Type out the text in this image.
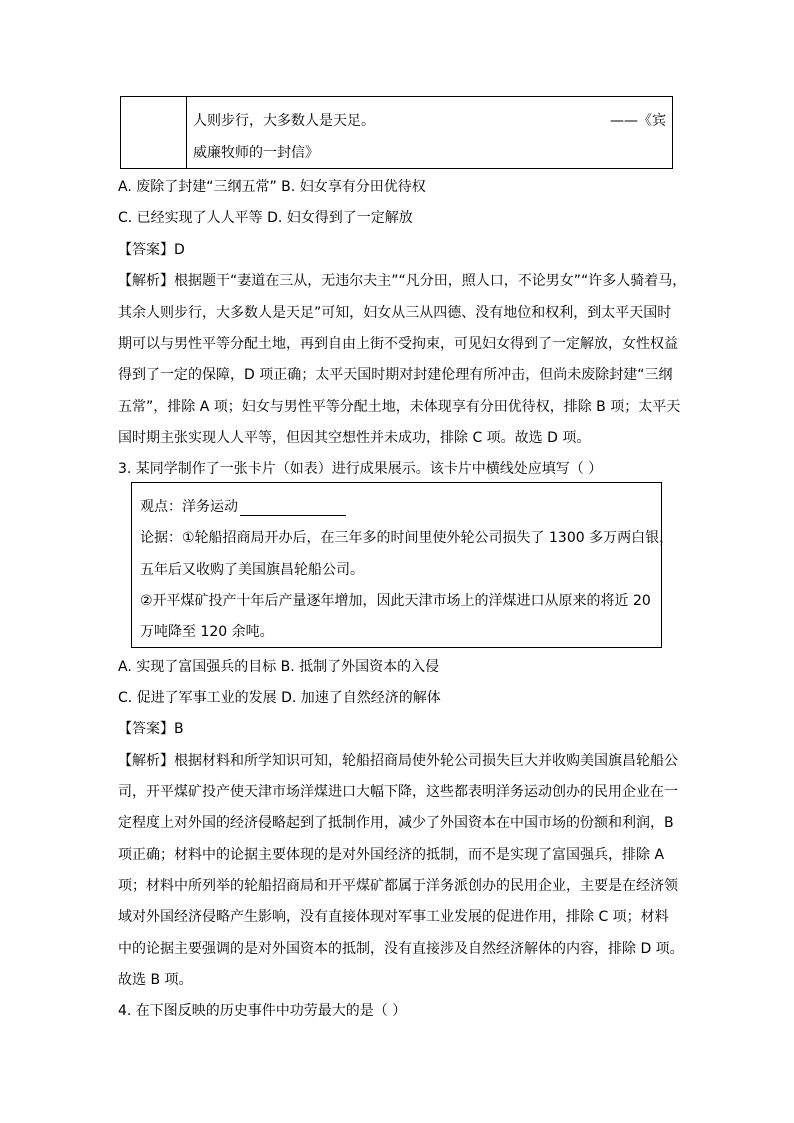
人则步行，大多数人是天足。	——《宾
威廉牧师的一封信》
A. 废除了封建“三纲五常” B. 妇女享有分田优待权
C. 已经实现了人人平等 D. 妇女得到了一定解放
【答案】D
【解析】根据题干“妻道在三从，无违尔夫主”“凡分田，照人口，不论男女”“许多人骑着马，
其余人则步行，大多数人是天足”可知，妇女从三从四德、没有地位和权利，到太平天国时
期可以与男性平等分配土地，再到自由上街不受拘束，可见妇女得到了一定解放，女性权益
得到了一定的保障，D 项正确；太平天国时期对封建伦理有所冲击，但尚未废除封建“三纲
五常”，排除 A 项；妇女与男性平等分配土地，未体现享有分田优待权，排除 B 项；太平天
国时期主张实现人人平等，但因其空想性并未成功，排除 C 项。故选 D 项。
3. 某同学制作了一张卡片（如表）进行成果展示。该卡片中横线处应填写（ ）
观点：洋务运动
论据：①轮船招商局开办后，在三年多的时间里使外轮公司损失了 1300 多万两白银，
五年后又收购了美国旗昌轮船公司。
②开平煤矿投产十年后产量逐年增加，因此天津市场上的洋煤进口从原来的将近 20
万吨降至 120 余吨。
A. 实现了富国强兵的目标 B. 抵制了外国资本的入侵
C. 促进了军事工业的发展 D. 加速了自然经济的解体
【答案】B
【解析】根据材料和所学知识可知，轮船招商局使外轮公司损失巨大并收购美国旗昌轮船公
司，开平煤矿投产使天津市场洋煤进口大幅下降，这些都表明洋务运动创办的民用企业在一
定程度上对外国的经济侵略起到了抵制作用，减少了外国资本在中国市场的份额和利润，B
项正确；材料中的论据主要体现的是对外国经济的抵制，而不是实现了富国强兵，排除 A
项；材料中所列举的轮船招商局和开平煤矿都属于洋务派创办的民用企业，主要是在经济领
域对外国经济侵略产生影响，没有直接体现对军事工业发展的促进作用，排除 C 项；材料
中的论据主要强调的是对外国资本的抵制，没有直接涉及自然经济解体的内容，排除 D 项。
故选 B 项。
4. 在下图反映的历史事件中功劳最大的是（ ）
